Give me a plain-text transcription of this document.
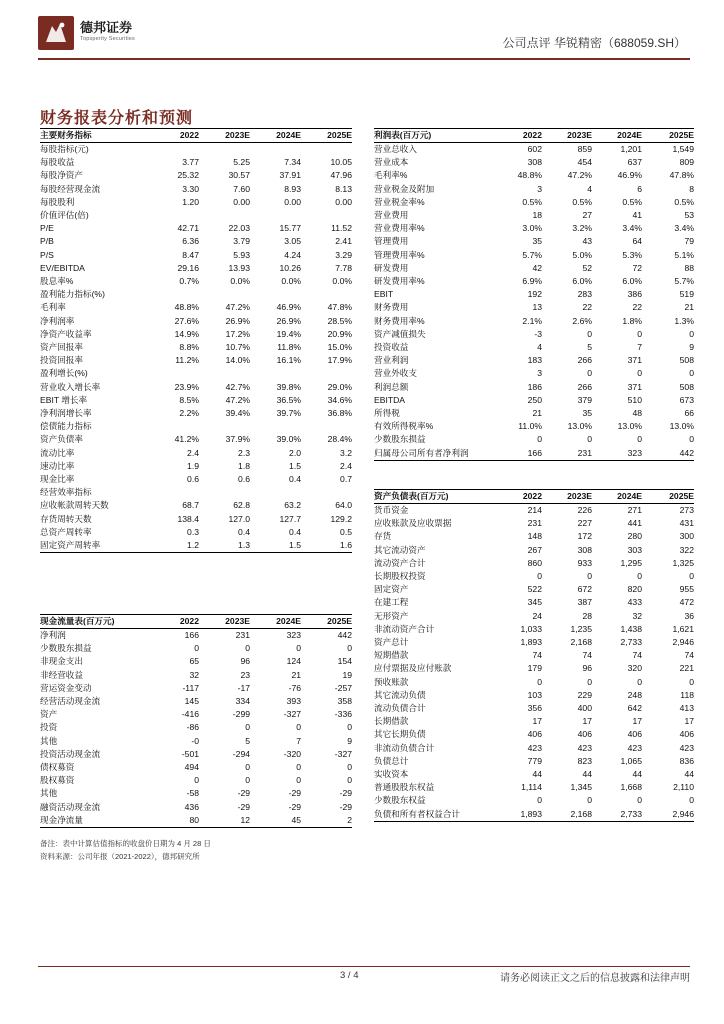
德邦证券
Topsperity Securities	公司点评 华锐精密（688059.SH）
财务报表分析和预测
主要财务指标	2022	2023E	2024E	2025E
每股指标(元)				
每股收益	3.77	5.25	7.34	10.05
每股净资产	25.32	30.57	37.91	47.96
每股经营现金流	3.30	7.60	8.93	8.13
每股股利	1.20	0.00	0.00	0.00
价值评估(倍)				
P/E	42.71	22.03	15.77	11.52
P/B	6.36	3.79	3.05	2.41
P/S	8.47	5.93	4.24	3.29
EV/EBITDA	29.16	13.93	10.26	7.78
股息率%	0.7%	0.0%	0.0%	0.0%
盈利能力指标(%)				
毛利率	48.8%	47.2%	46.9%	47.8%
净利润率	27.6%	26.9%	26.9%	28.5%
净资产收益率	14.9%	17.2%	19.4%	20.9%
资产回报率	8.8%	10.7%	11.8%	15.0%
投资回报率	11.2%	14.0%	16.1%	17.9%
盈利增长(%)				
营业收入增长率	23.9%	42.7%	39.8%	29.0%
EBIT 增长率	8.5%	47.2%	36.5%	34.6%
净利润增长率	2.2%	39.4%	39.7%	36.8%
偿债能力指标				
资产负债率	41.2%	37.9%	39.0%	28.4%
流动比率	2.4	2.3	2.0	3.2
速动比率	1.9	1.8	1.5	2.4
现金比率	0.6	0.6	0.4	0.7
经营效率指标				
应收帐款周转天数	68.7	62.8	63.2	64.0
存货周转天数	138.4	127.0	127.7	129.2
总资产周转率	0.3	0.4	0.4	0.5
固定资产周转率	1.2	1.3	1.5	1.6
利润表(百万元)	2022	2023E	2024E	2025E
营业总收入	602	859	1,201	1,549
营业成本	308	454	637	809
毛利率%	48.8%	47.2%	46.9%	47.8%
营业税金及附加	3	4	6	8
营业税金率%	0.5%	0.5%	0.5%	0.5%
营业费用	18	27	41	53
营业费用率%	3.0%	3.2%	3.4%	3.4%
管理费用	35	43	64	79
管理费用率%	5.7%	5.0%	5.3%	5.1%
研发费用	42	52	72	88
研发费用率%	6.9%	6.0%	6.0%	5.7%
EBIT	192	283	386	519
财务费用	13	22	22	21
财务费用率%	2.1%	2.6%	1.8%	1.3%
资产减值损失	-3	0	0	0
投资收益	4	5	7	9
营业利润	183	266	371	508
营业外收支	3	0	0	0
利润总额	186	266	371	508
EBITDA	250	379	510	673
所得税	21	35	48	66
有效所得税率%	11.0%	13.0%	13.0%	13.0%
少数股东损益	0	0	0	0
归属母公司所有者净利润	166	231	323	442
资产负债表(百万元)	2022	2023E	2024E	2025E
货币资金	214	226	271	273
应收账款及应收票据	231	227	441	431
存货	148	172	280	300
其它流动资产	267	308	303	322
流动资产合计	860	933	1,295	1,325
长期股权投资	0	0	0	0
固定资产	522	672	820	955
在建工程	345	387	433	472
无形资产	24	28	32	36
非流动资产合计	1,033	1,235	1,438	1,621
资产总计	1,893	2,168	2,733	2,946
短期借款	74	74	74	74
应付票据及应付账款	179	96	320	221
预收账款	0	0	0	0
其它流动负债	103	229	248	118
流动负债合计	356	400	642	413
长期借款	17	17	17	17
其它长期负债	406	406	406	406
非流动负债合计	423	423	423	423
负债总计	779	823	1,065	836
实收资本	44	44	44	44
普通股股东权益	1,114	1,345	1,668	2,110
少数股东权益	0	0	0	0
负债和所有者权益合计	1,893	2,168	2,733	2,946
现金流量表(百万元)	2022	2023E	2024E	2025E
净利润	166	231	323	442
少数股东损益	0	0	0	0
非现金支出	65	96	124	154
非经营收益	32	23	21	19
营运资金变动	-117	-17	-76	-257
经营活动现金流	145	334	393	358
资产	-416	-299	-327	-336
投资	-86	0	0	0
其他	-0	5	7	9
投资活动现金流	-501	-294	-320	-327
债权募资	494	0	0	0
股权募资	0	0	0	0
其他	-58	-29	-29	-29
融资活动现金流	436	-29	-29	-29
现金净流量	80	12	45	2
备注：表中计算估值指标的收盘价日期为 4 月 28 日
资料来源：公司年报（2021-2022），德邦研究所
3 / 4	请务必阅读正文之后的信息披露和法律声明
